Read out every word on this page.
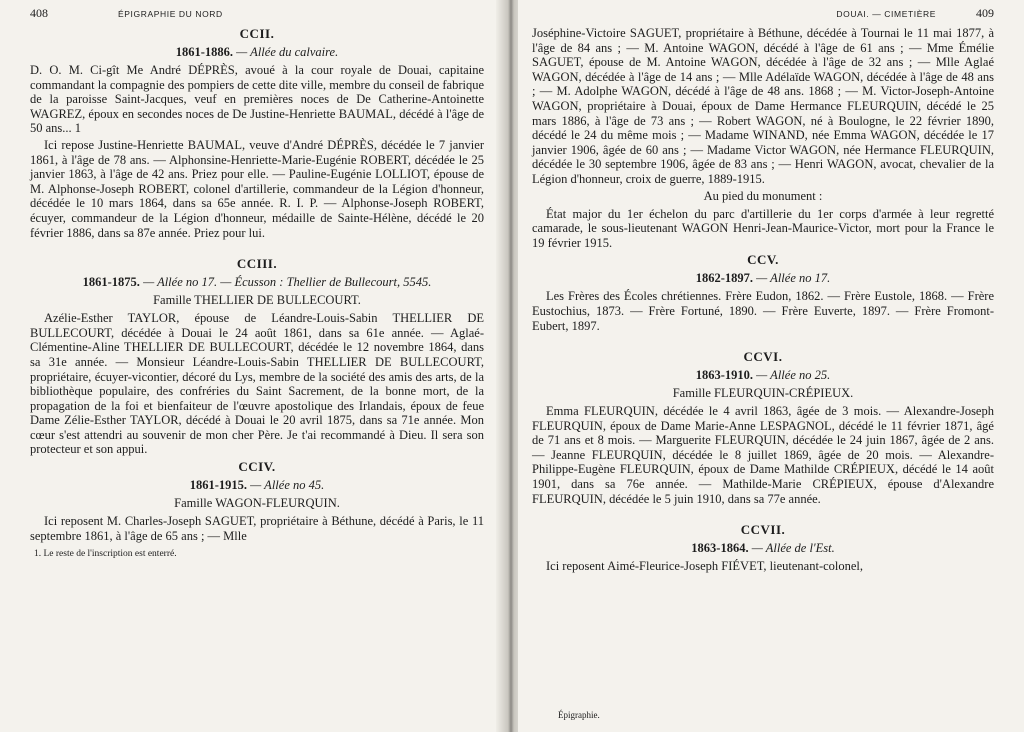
408	ÉPIGRAPHIE DU NORD
CCII.
1861-1886. — Allée du calvaire.

D. O. M. Ci-gît Me André DÉPRÈS, avoué à la cour royale de Douai, capitaine commandant la compagnie des pompiers de cette dite ville, membre du conseil de fabrique de la paroisse Saint-Jacques, veuf en premières noces de De Catherine-Antoinette WAGREZ, époux en secondes noces de De Justine-Henriette BAUMAL, décédé à l'âge de 50 ans... 1

Ici repose Justine-Henriette BAUMAL, veuve d'André DÉPRÈS, décédée le 7 janvier 1861, à l'âge de 78 ans. — Alphonsine-Henriette-Marie-Eugénie ROBERT, décédée le 25 janvier 1863, à l'âge de 42 ans. Priez pour elle. — Pauline-Eugénie LOLLIOT, épouse de M. Alphonse-Joseph ROBERT, colonel d'artillerie, commandeur de la Légion d'honneur, décédée le 10 mars 1864, dans sa 65e année. R. I. P. — Alphonse-Joseph ROBERT, écuyer, commandeur de la Légion d'honneur, médaille de Sainte-Hélène, décédé le 20 février 1886, dans sa 87e année. Priez pour lui.

CCIII.
1861-1875. — Allée no 17. — Écusson : Thellier de Bullecourt, 5545.
Famille THELLIER DE BULLECOURT.

Azélie-Esther TAYLOR, épouse de Léandre-Louis-Sabin THELLIER DE BULLECOURT, décédée à Douai le 24 août 1861, dans sa 61e année. — Aglaé-Clémentine-Aline THELLIER DE BULLECOURT, décédée le 12 novembre 1864, dans sa 31e année. — Monsieur Léandre-Louis-Sabin THELLIER DE BULLECOURT, propriétaire, écuyer-vicontier, décoré du Lys, membre de la société des amis des arts, de la bibliothèque populaire, des confréries du Saint Sacrement, de la bonne mort, de la propagation de la foi et bienfaiteur de l'œuvre apostolique des Irlandais, époux de feue Dame Zélie-Esther TAYLOR, décédé à Douai le 20 avril 1875, dans sa 71e année. Mon cœur s'est attendri au souvenir de mon cher Père. Je t'ai recommandé à Dieu. Il sera son protecteur et son appui.

CCIV.
1861-1915. — Allée no 45.
Famille WAGON-FLEURQUIN.

Ici reposent M. Charles-Joseph SAGUET, propriétaire à Béthune, décédé à Paris, le 11 septembre 1861, à l'âge de 65 ans ; — Mlle

1. Le reste de l'inscription est enterré.
DOUAI. — CIMETIÈRE	409

Joséphine-Victoire SAGUET, propriétaire à Béthune, décédée à Tournai le 11 mai 1877, à l'âge de 84 ans ; — M. Antoine WAGON, décédé à l'âge de 61 ans ; — Mme Émélie SAGUET, épouse de M. Antoine WAGON, décédée à l'âge de 32 ans ; — Mlle Aglaé WAGON, décédée à l'âge de 14 ans ; — Mlle Adélaïde WAGON, décédée à l'âge de 48 ans ; — M. Adolphe WAGON, décédé à l'âge de 48 ans. 1868 ; — M. Victor-Joseph-Antoine WAGON, propriétaire à Douai, époux de Dame Hermance FLEURQUIN, décédé le 25 mars 1886, à l'âge de 73 ans ; — Robert WAGON, né à Boulogne, le 22 février 1890, décédé le 24 du même mois ; — Madame WINAND, née Emma WAGON, décédée le 17 janvier 1906, âgée de 60 ans ; — Madame Victor WAGON, née Hermance FLEURQUIN, décédée le 30 septembre 1906, âgée de 83 ans ; — Henri WAGON, avocat, chevalier de la Légion d'honneur, croix de guerre, 1889-1915.

Au pied du monument :

État major du 1er échelon du parc d'artillerie du 1er corps d'armée à leur regretté camarade, le sous-lieutenant WAGON Henri-Jean-Maurice-Victor, mort pour la France le 19 février 1915.

CCV.
1862-1897. — Allée no 17.

Les Frères des Écoles chrétiennes. Frère Eudon, 1862. — Frère Eustole, 1868. — Frère Eustochius, 1873. — Frère Fortuné, 1890. — Frère Euverte, 1897. — Frère Fromont-Eubert, 1897.

CCVI.
1863-1910. — Allée no 25.
Famille FLEURQUIN-CRÉPIEUX.

Emma FLEURQUIN, décédée le 4 avril 1863, âgée de 3 mois. — Alexandre-Joseph FLEURQUIN, époux de Dame Marie-Anne LESPAGNOL, décédé le 11 février 1871, âgé de 71 ans et 8 mois. — Marguerite FLEURQUIN, décédée le 24 juin 1867, âgée de 2 ans. — Jeanne FLEURQUIN, décédée le 8 juillet 1869, âgée de 20 mois. — Alexandre-Philippe-Eugène FLEURQUIN, époux de Dame Mathilde CRÉPIEUX, décédé le 14 août 1901, dans sa 76e année. — Mathilde-Marie CRÉPIEUX, épouse d'Alexandre FLEURQUIN, décédée le 5 juin 1910, dans sa 77e année.

CCVII.
1863-1864. — Allée de l'Est.

Ici reposent Aimé-Fleurice-Joseph FIÉVET, lieutenant-colonel,

Épigraphie.
